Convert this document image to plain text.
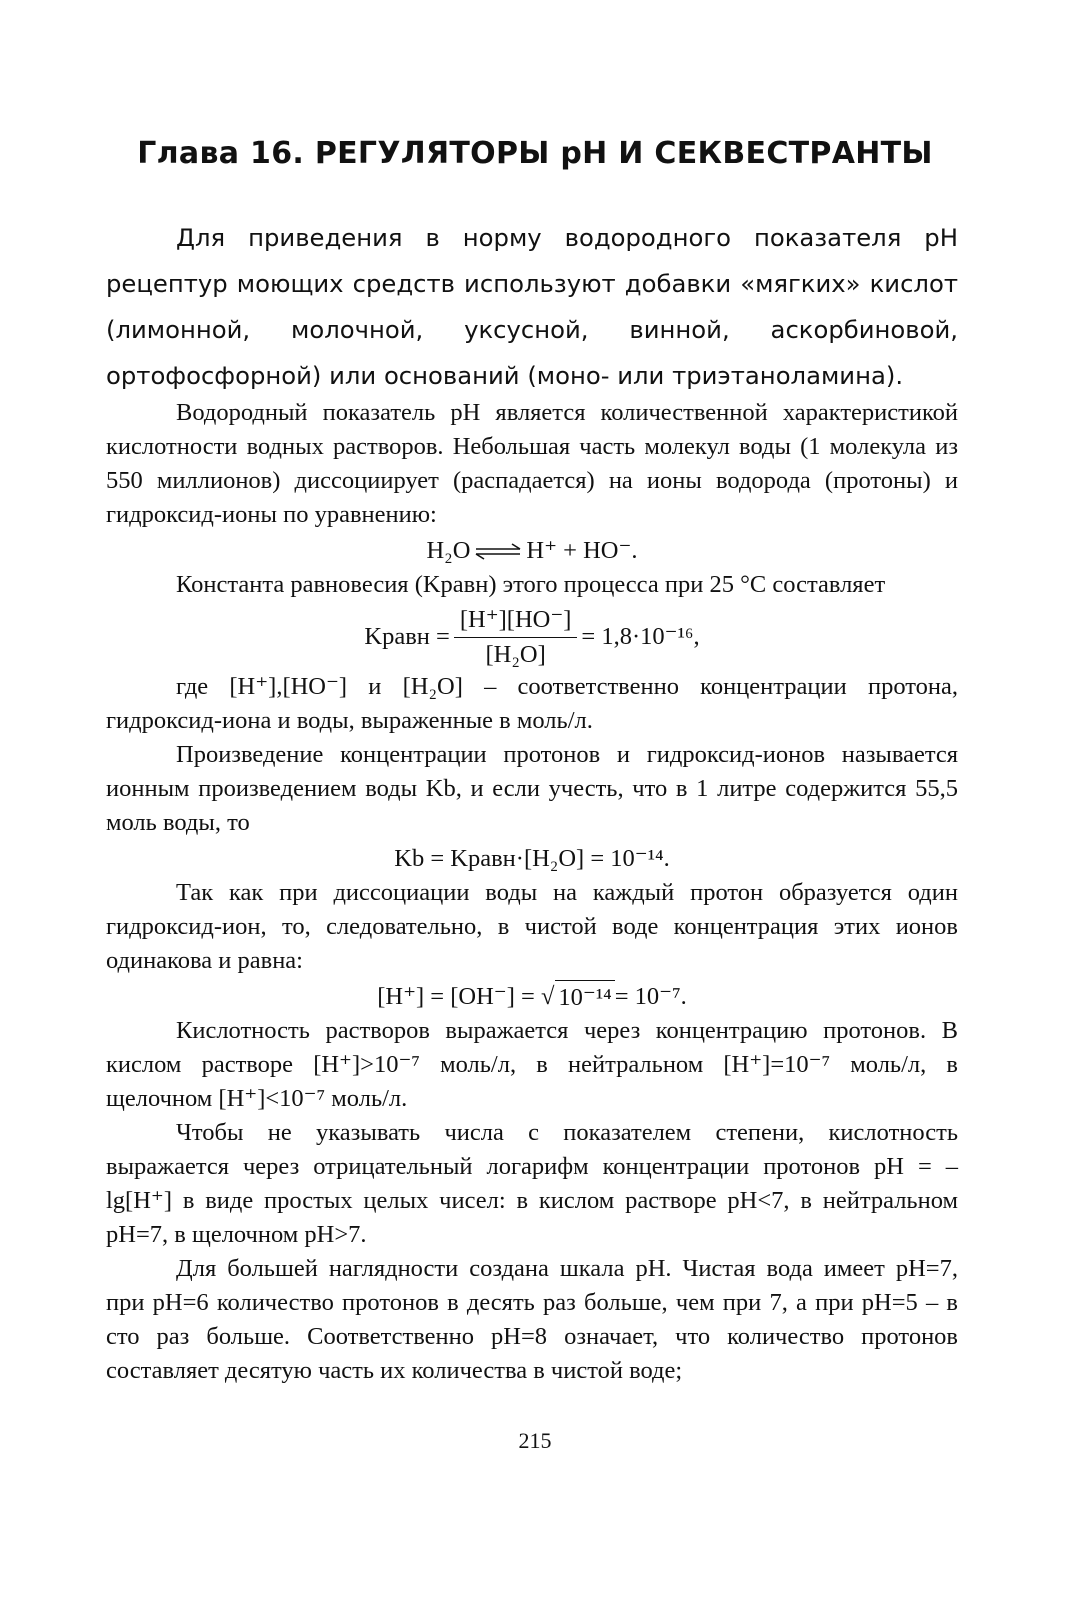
Глава 16. РЕГУЛЯТОРЫ pH И СЕКВЕСТРАНТЫ

Для приведения в норму водородного показателя pH рецептур моющих средств используют добавки «мягких» кислот (лимонной, молочной, уксусной, винной, аскорбиновой, ортофосфорной) или оснований (моно- или триэтаноламина).

Водородный показатель pH является количественной характеристикой кислотности водных растворов. Небольшая часть молекул воды (1 молекула из 550 миллионов) диссоциирует (распадается) на ионы водорода (протоны) и гидроксид-ионы по уравнению:

H₂O ⇌ H⁺ + HO⁻.

Константа равновесия (Kравн) этого процесса при 25 °C составляет

Kравн = $\frac{[H^+][HO^-]}{\text{[H₂O]}} = 1,8\cdot 10^{-16}$,

где [H⁺],[HO⁻] и [H₂O] – соответственно концентрации протона, гидроксид-иона и воды, выраженные в моль/л.

Произведение концентрации протонов и гидроксид-ионов называется ионным произведением воды Kb, и если учесть, что в 1 литре содержится 55,5 моль воды, то

Kb = Kравн·[H₂O] = 10⁻¹⁴.

Так как при диссоциации воды на каждый протон образуется один гидроксид-ион, то, следовательно, в чистой воде концентрация этих ионов одинакова и равна:

[H⁺] = [OH⁻] = √ 10⁻¹⁴ = 10⁻⁷.

Кислотность растворов выражается через концентрацию протонов. В кислом растворе [H⁺]>10⁻⁷ моль/л, в нейтральном [H⁺]=10⁻⁷ моль/л, в щелочном [H⁺]<10⁻⁷ моль/л.

Чтобы не указывать числа с показателем степени, кислотность выражается через отрицательный логарифм концентрации протонов pH = –lg[H⁺] в виде простых целых чисел: в кислом растворе pH<7, в нейтральном pH=7, в щелочном pH>7.

Для большей наглядности создана шкала pH. Чистая вода имеет pH=7, при pH=6 количество протонов в десять раз больше, чем при 7, а при pH=5 – в сто раз больше. Соответственно pH=8 означает, что количество протонов составляет десятую часть их количества в чистой воде;

215
